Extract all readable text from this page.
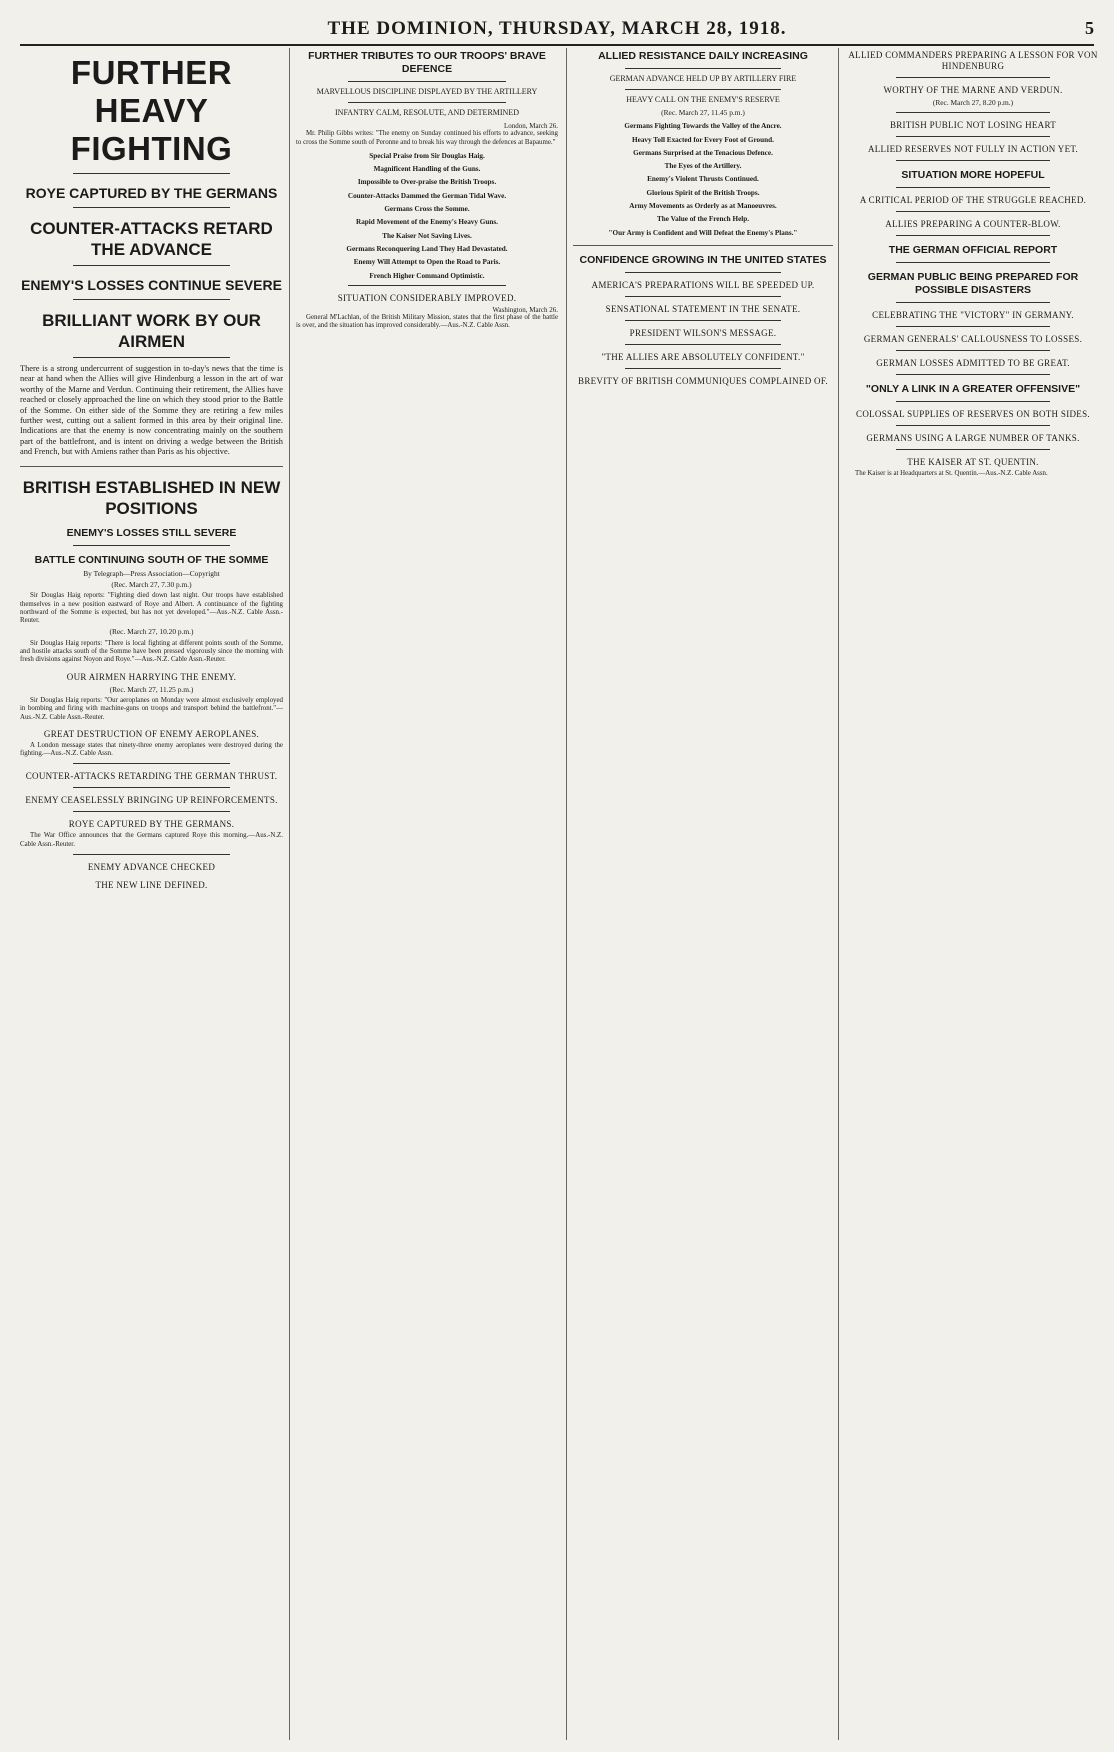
THE DOMINION, THURSDAY, MARCH 28, 1918.	5
FURTHER HEAVY FIGHTING
ROYE CAPTURED BY THE GERMANS
COUNTER-ATTACKS RETARD THE ADVANCE
ENEMY'S LOSSES CONTINUE SEVERE
BRILLIANT WORK BY OUR AIRMEN
There is a strong undercurrent of suggestion in to-day's news that the time is near at hand when the Allies will give Hindenburg a lesson in the art of war worthy of the Marne and Verdun. Continuing their retirement, the Allies have reached or closely approached the line on which they stood prior to the Battle of the Somme. On either side of the Somme they are retiring a few miles further west, cutting out a salient formed in this area by their original line. Indications are that the enemy is now concentrating mainly on the southern part of the battlefront, and is intent on driving a wedge between the British and French, but with Amiens rather than Paris as his objective.
BRITISH ESTABLISHED IN NEW POSITIONS
ENEMY'S LOSSES STILL SEVERE
BATTLE CONTINUING SOUTH OF THE SOMME
By Telegraph—Press Association—Copyright
(Rec. March 27, 7.30 p.m.)

Sir Douglas Haig reports: "Fighting died down last night. Our troops have established themselves in a new position eastward of Roye and Albert. A continuance of the fighting northward of the Somme is expected, but has not yet developed."—Aus.-N.Z. Cable Assn.-Reuter.

(Rec. March 27, 10.20 p.m.)

Sir Douglas Haig reports: "There is local fighting at different points south of the Somme, and hostile attacks south of the Somme have been pressed vigorously since the morning with fresh divisions against Noyon and Roye."—Aus.-N.Z. Cable Assn.-Reuter.

OUR AIRMEN HARRYING THE ENEMY.
(Rec. March 27, 11.25 p.m.)

Sir Douglas Haig reports: "Our aeroplanes on Monday were almost exclusively employed in bombing and firing with machine-guns on troops and transport behind the battlefront."—Aus.-N.Z. Cable Assn.-Reuter.

GREAT DESTRUCTION OF ENEMY AEROPLANES.

A London message states that ninety-three enemy aeroplanes were destroyed during the fighting.—Aus.-N.Z. Cable Assn.

COUNTER-ATTACKS RETARDING THE GERMAN THRUST.
ENEMY CEASELESSLY BRINGING UP REINFORCEMENTS.
ROYE CAPTURED BY THE GERMANS.

The War Office announces that the Germans captured Roye this morning.—Aus.-N.Z. Cable Assn.-Reuter.

ENEMY ADVANCE CHECKED
THE NEW LINE DEFINED.
FURTHER TRIBUTES TO OUR TROOPS' BRAVE DEFENCE
MARVELLOUS DISCIPLINE DISPLAYED BY THE ARTILLERY
INFANTRY CALM, RESOLUTE, AND DETERMINED
London, March 26.

Mr. Philip Gibbs writes: "The enemy on Sunday continued his efforts to advance, seeking to cross the Somme south of Peronne and to break his way through the defences at Bapaume."

Special Praise from Sir Douglas Haig.
Magnificent Handling of the Guns.
Impossible to Over-praise the British Troops.
Counter-Attacks Dammed the German Tidal Wave.
Germans Cross the Somme.
Rapid Movement of the Enemy's Heavy Guns.
The Kaiser Not Saving Lives.
Germans Reconquering Land They Had Devastated.
Enemy Will Attempt to Open the Road to Paris.
French Higher Command Optimistic.
SITUATION CONSIDERABLY IMPROVED.
Washington, March 26.

General M'Lachlan, of the British Military Mission, states that the first phase of the battle is over, and the situation has improved considerably.—Aus.-N.Z. Cable Assn.

ALLIED RESISTANCE DAILY INCREASING
GERMAN ADVANCE HELD UP BY ARTILLERY FIRE
HEAVY CALL ON THE ENEMY'S RESERVE
(Rec. March 27, 11.45 p.m.)
Germans Fighting Towards the Valley of the Ancre.
Heavy Toll Exacted for Every Foot of Ground.
Germans Surprised at the Tenacious Defence.
The Eyes of the Artillery.
Enemy's Violent Thrusts Continued.
Glorious Spirit of the British Troops.
Army Movements as Orderly as at Manoeuvres.
The Value of the French Help.
"Our Army is Confident and Will Defeat the Enemy's Plans."
CONFIDENCE GROWING IN THE UNITED STATES
AMERICA'S PREPARATIONS WILL BE SPEEDED UP.
SENSATIONAL STATEMENT IN THE SENATE.
PRESIDENT WILSON'S MESSAGE.
"THE ALLIES ARE ABSOLUTELY CONFIDENT."
BREVITY OF BRITISH COMMUNIQUES COMPLAINED OF.
ALLIED COMMANDERS PREPARING A LESSON FOR VON HINDENBURG
WORTHY OF THE MARNE AND VERDUN.
(Rec. March 27, 8.20 p.m.)
BRITISH PUBLIC NOT LOSING HEART
ALLIED RESERVES NOT FULLY IN ACTION YET.
SITUATION MORE HOPEFUL
A CRITICAL PERIOD OF THE STRUGGLE REACHED.
ALLIES PREPARING A COUNTER-BLOW.
THE GERMAN OFFICIAL REPORT
GERMAN PUBLIC BEING PREPARED FOR POSSIBLE DISASTERS
CELEBRATING THE "VICTORY" IN GERMANY.
GERMAN GENERALS' CALLOUSNESS TO LOSSES.
GERMAN LOSSES ADMITTED TO BE GREAT.
"ONLY A LINK IN A GREATER OFFENSIVE"
COLOSSAL SUPPLIES OF RESERVES ON BOTH SIDES.
GERMANS USING A LARGE NUMBER OF TANKS.
THE KAISER AT ST. QUENTIN.

The Kaiser is at Headquarters at St. Quentin.—Aus.-N.Z. Cable Assn.
